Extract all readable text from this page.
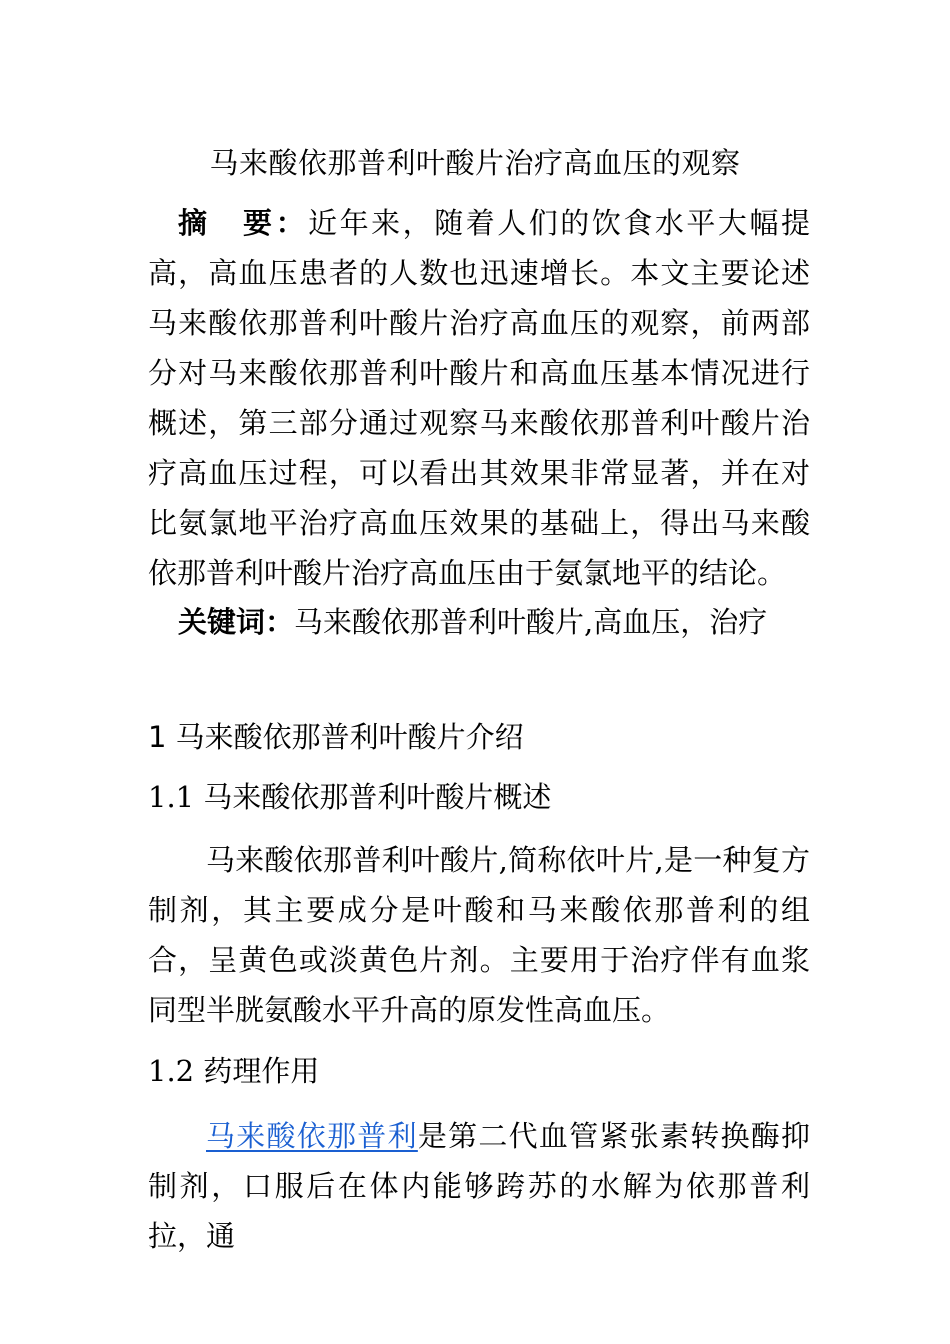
马来酸依那普利叶酸片治疗高血压的观察
摘 要：近年来，随着人们的饮食水平大幅提高，高血压患者的人数也迅速增长。本文主要论述马来酸依那普利叶酸片治疗高血压的观察，前两部分对马来酸依那普利叶酸片和高血压基本情况进行概述，第三部分通过观察马来酸依那普利叶酸片治疗高血压过程，可以看出其效果非常显著，并在对比氨氯地平治疗高血压效果的基础上，得出马来酸依那普利叶酸片治疗高血压由于氨氯地平的结论。
关键词：马来酸依那普利叶酸片,高血压，治疗
1 马来酸依那普利叶酸片介绍
1.1 马来酸依那普利叶酸片概述
马来酸依那普利叶酸片,简称依叶片,是一种复方制剂，其主要成分是叶酸和马来酸依那普利的组合，呈黄色或淡黄色片剂。主要用于治疗伴有血浆同型半胱氨酸水平升高的原发性高血压。
1.2 药理作用
马来酸依那普利是第二代血管紧张素转换酶抑制剂，口服后在体内能够跨苏的水解为依那普利拉，通
